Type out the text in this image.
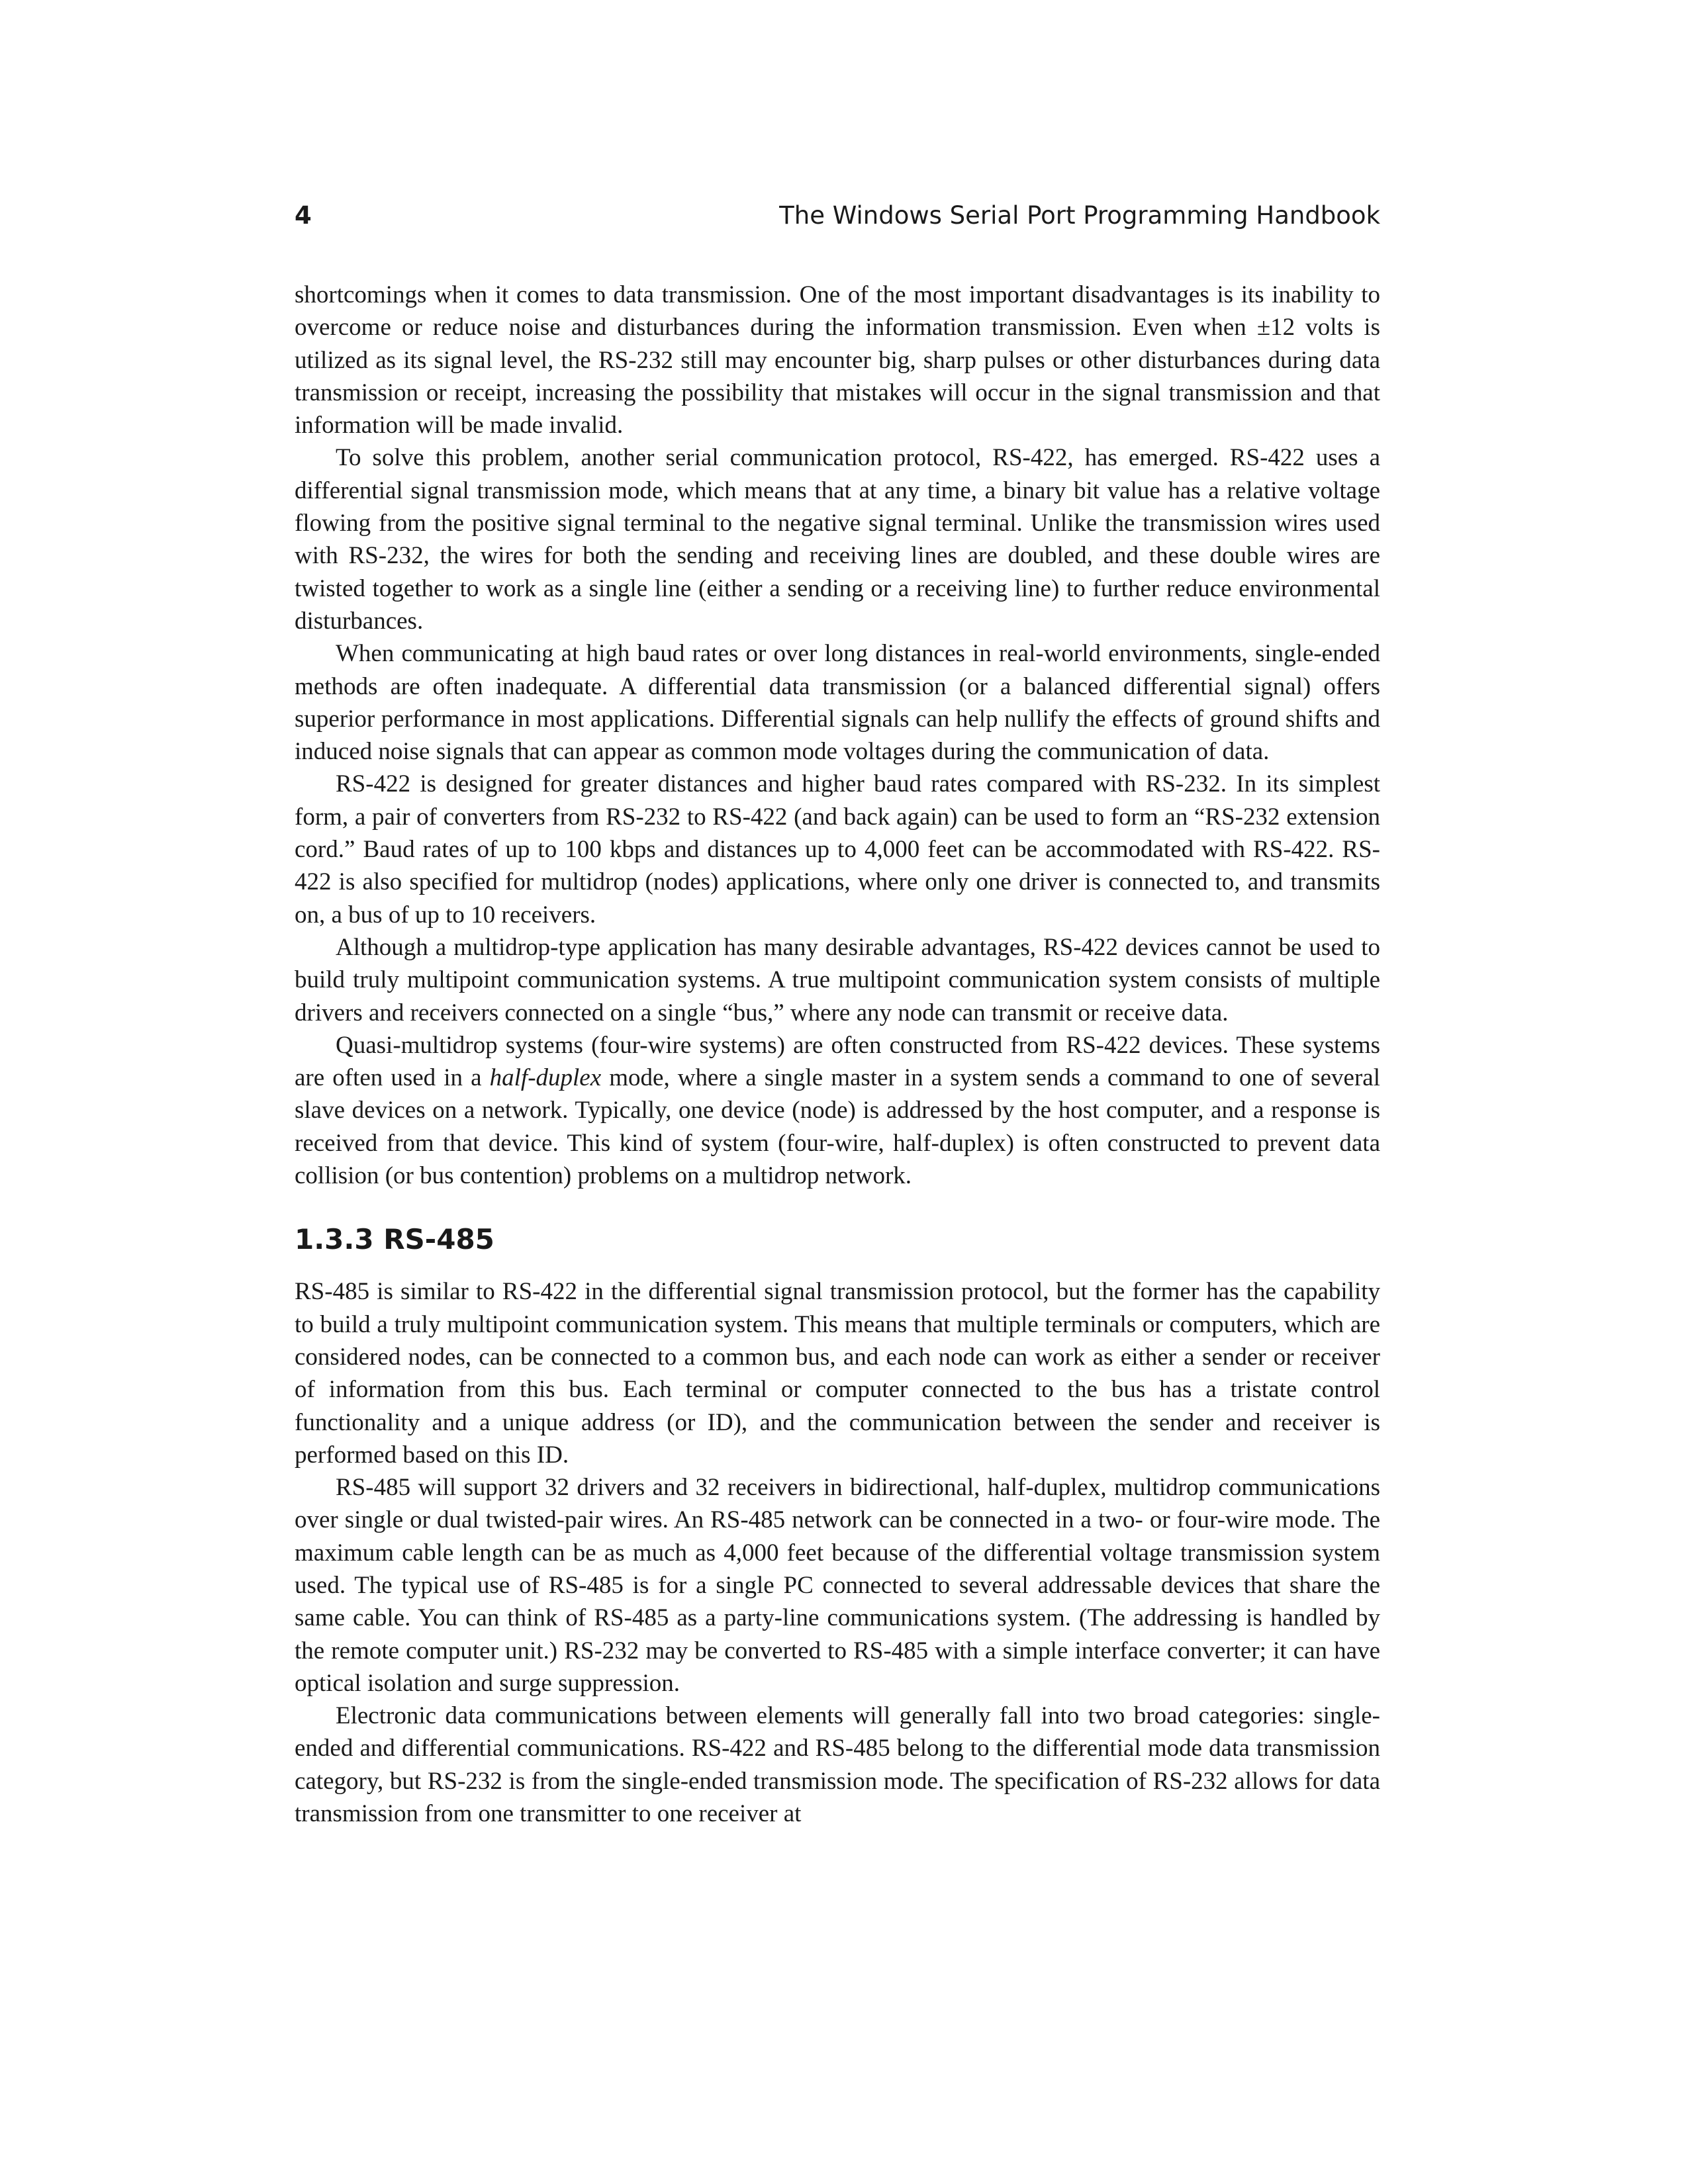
4	The Windows Serial Port Programming Handbook

shortcomings when it comes to data transmission. One of the most important disadvantages is its inability to overcome or reduce noise and disturbances during the information transmission. Even when ±12 volts is utilized as its signal level, the RS-232 still may encounter big, sharp pulses or other disturbances during data transmission or receipt, increasing the possibility that mistakes will occur in the signal transmission and that information will be made invalid.

To solve this problem, another serial communication protocol, RS-422, has emerged. RS-422 uses a differential signal transmission mode, which means that at any time, a binary bit value has a relative voltage flowing from the positive signal terminal to the negative signal terminal. Unlike the transmission wires used with RS-232, the wires for both the sending and receiving lines are doubled, and these double wires are twisted together to work as a single line (either a sending or a receiving line) to further reduce environmental disturbances.

When communicating at high baud rates or over long distances in real-world environments, single-ended methods are often inadequate. A differential data transmission (or a balanced differential signal) offers superior performance in most applications. Differential signals can help nullify the effects of ground shifts and induced noise signals that can appear as common mode voltages during the communication of data.

RS-422 is designed for greater distances and higher baud rates compared with RS-232. In its simplest form, a pair of converters from RS-232 to RS-422 (and back again) can be used to form an “RS-232 extension cord.” Baud rates of up to 100 kbps and distances up to 4,000 feet can be accommodated with RS-422. RS-422 is also specified for multidrop (nodes) applications, where only one driver is connected to, and transmits on, a bus of up to 10 receivers.

Although a multidrop-type application has many desirable advantages, RS-422 devices cannot be used to build truly multipoint communication systems. A true multipoint communication system consists of multiple drivers and receivers connected on a single “bus,” where any node can transmit or receive data.

Quasi-multidrop systems (four-wire systems) are often constructed from RS-422 devices. These systems are often used in a half-duplex mode, where a single master in a system sends a command to one of several slave devices on a network. Typically, one device (node) is addressed by the host computer, and a response is received from that device. This kind of system (four-wire, half-duplex) is often constructed to prevent data collision (or bus contention) problems on a multidrop network.

1.3.3 RS-485

RS-485 is similar to RS-422 in the differential signal transmission protocol, but the former has the capability to build a truly multipoint communication system. This means that multiple terminals or computers, which are considered nodes, can be connected to a common bus, and each node can work as either a sender or receiver of information from this bus. Each terminal or computer connected to the bus has a tristate control functionality and a unique address (or ID), and the communication between the sender and receiver is performed based on this ID.

RS-485 will support 32 drivers and 32 receivers in bidirectional, half-duplex, multidrop communications over single or dual twisted-pair wires. An RS-485 network can be connected in a two- or four-wire mode. The maximum cable length can be as much as 4,000 feet because of the differential voltage transmission system used. The typical use of RS-485 is for a single PC connected to several addressable devices that share the same cable. You can think of RS-485 as a party-line communications system. (The addressing is handled by the remote computer unit.) RS-232 may be converted to RS-485 with a simple interface converter; it can have optical isolation and surge suppression.

Electronic data communications between elements will generally fall into two broad categories: single-ended and differential communications. RS-422 and RS-485 belong to the differential mode data transmission category, but RS-232 is from the single-ended transmission mode. The specification of RS-232 allows for data transmission from one transmitter to one receiver at
